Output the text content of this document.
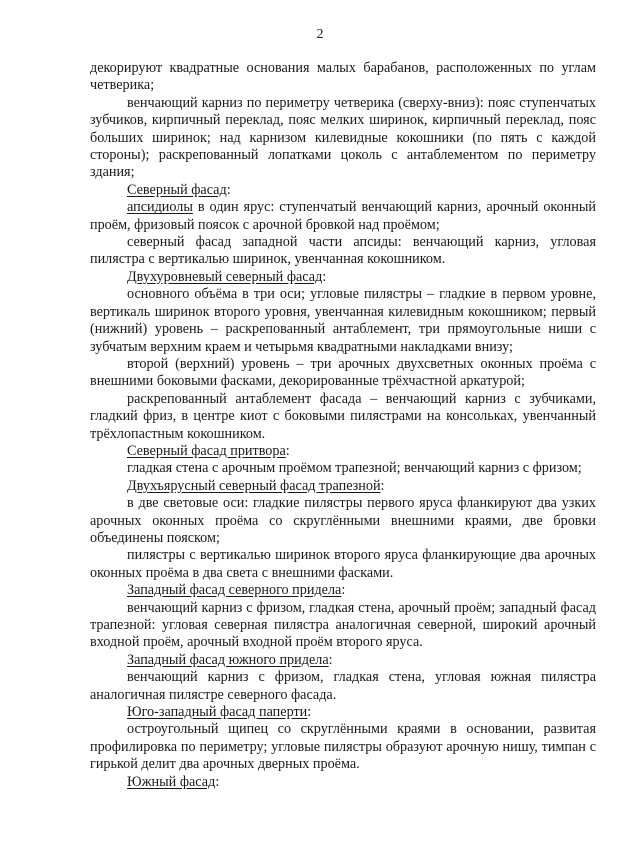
2

декорируют квадратные основания малых барабанов, расположенных по углам четверика;

венчающий карниз по периметру четверика (сверху-вниз): пояс ступенчатых зубчиков, кирпичный переклад, пояс мелких ширинок, кирпичный переклад, пояс больших ширинок; над карнизом килевидные кокошники (по пять с каждой стороны); раскрепованный лопатками цоколь с антаблементом по периметру здания;

Северный фасад:

апсидиолы в один ярус: ступенчатый венчающий карниз, арочный оконный проём, фризовый поясок с арочной бровкой над проёмом;

северный фасад западной части апсиды: венчающий карниз, угловая пилястра с вертикалью ширинок, увенчанная кокошником.

Двухуровневый северный фасад:

основного объёма в три оси; угловые пилястры – гладкие в первом уровне, вертикаль ширинок второго уровня, увенчанная килевидным кокошником; первый (нижний) уровень – раскрепованный антаблемент, три прямоугольные ниши с зубчатым верхним краем и четырьмя квадратными накладками внизу;

второй (верхний) уровень – три арочных двухсветных оконных проёма с внешними боковыми фасками, декорированные трёхчастной аркатурой;

раскрепованный антаблемент фасада – венчающий карниз с зубчиками, гладкий фриз, в центре киот с боковыми пилястрами на консольках, увенчанный трёхлопастным кокошником.

Северный фасад притвора:

гладкая стена с арочным проёмом трапезной; венчающий карниз с фризом;

Двухъярусный северный фасад трапезной:

в две световые оси: гладкие пилястры первого яруса фланкируют два узких арочных оконных проёма со скруглёнными внешними краями, две бровки объединены пояском;

пилястры с вертикалью ширинок второго яруса фланкирующие два арочных оконных проёма в два света с внешними фасками.

Западный фасад северного придела:

венчающий карниз с фризом, гладкая стена, арочный проём; западный фасад трапезной: угловая северная пилястра аналогичная северной, широкий арочный входной проём, арочный входной проём второго яруса.

Западный фасад южного придела:

венчающий карниз с фризом, гладкая стена, угловая южная пилястра аналогичная пилястре северного фасада.

Юго-западный фасад паперти:

остроугольный щипец со скруглёнными краями в основании, развитая профилировка по периметру; угловые пилястры образуют арочную нишу, тимпан с гирькой делит два арочных дверных проёма.

Южный фасад:
